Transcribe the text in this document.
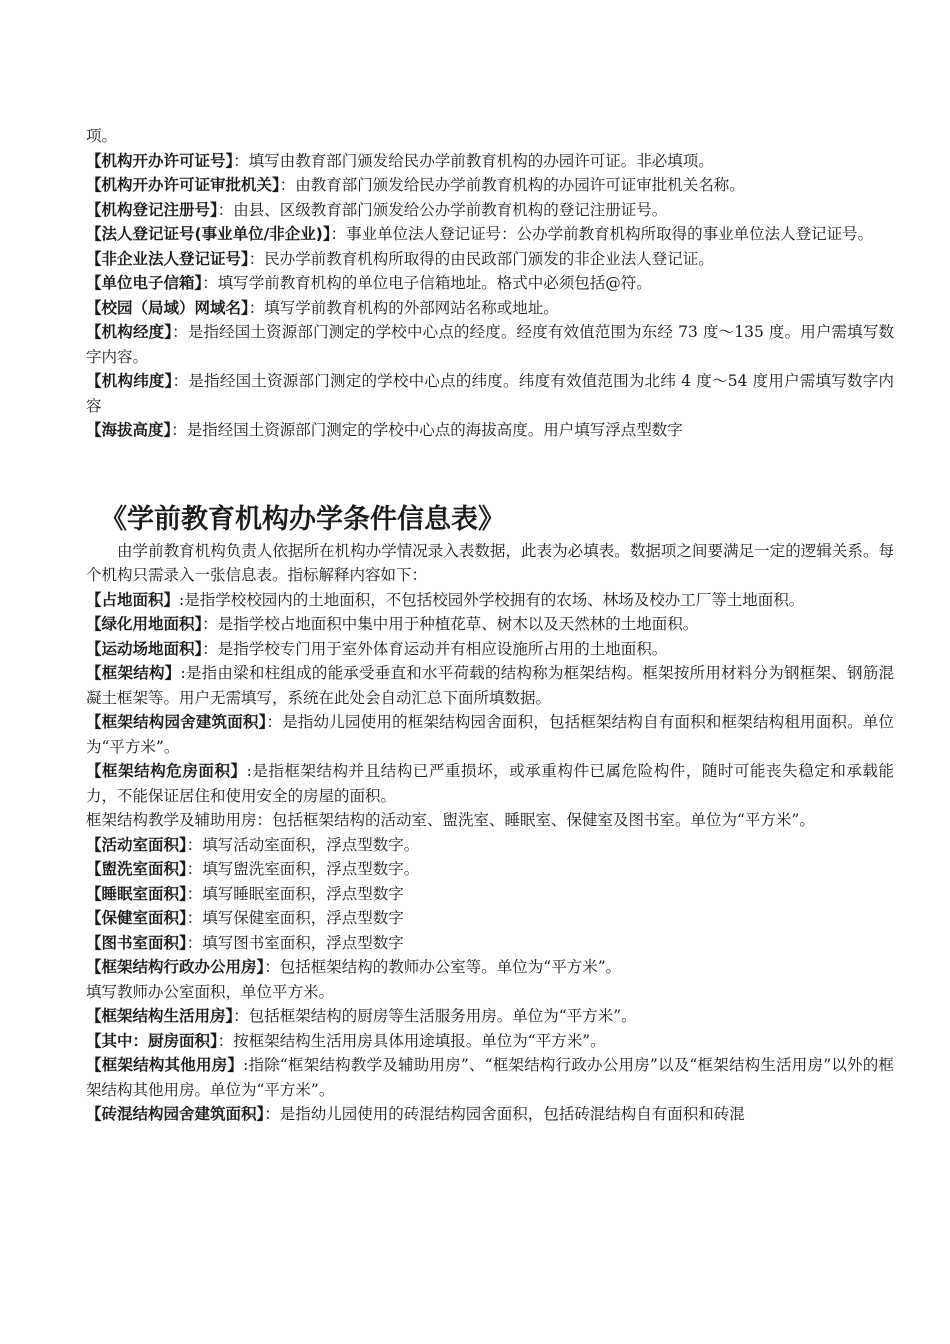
项。

【机构开办许可证号】：填写由教育部门颁发给民办学前教育机构的办园许可证。非必填项。

【机构开办许可证审批机关】：由教育部门颁发给民办学前教育机构的办园许可证审批机关名称。

【机构登记注册号】：由县、区级教育部门颁发给公办学前教育机构的登记注册证号。

【法人登记证号(事业单位/非企业)】：事业单位法人登记证号：公办学前教育机构所取得的事业单位法人登记证号。

【非企业法人登记证号】：民办学前教育机构所取得的由民政部门颁发的非企业法人登记证。

【单位电子信箱】：填写学前教育机构的单位电子信箱地址。格式中必须包括@符。

【校园（局域）网域名】：填写学前教育机构的外部网站名称或地址。

【机构经度】：是指经国土资源部门测定的学校中心点的经度。经度有效值范围为东经 73 度～135 度。用户需填写数字内容。

【机构纬度】：是指经国土资源部门测定的学校中心点的纬度。纬度有效值范围为北纬 4 度～54 度用户需填写数字内容

【海拔高度】：是指经国土资源部门测定的学校中心点的海拔高度。用户填写浮点型数字

《学前教育机构办学条件信息表》

由学前教育机构负责人依据所在机构办学情况录入表数据，此表为必填表。数据项之间要满足一定的逻辑关系。每个机构只需录入一张信息表。指标解释内容如下：

【占地面积】:是指学校校园内的土地面积，不包括校园外学校拥有的农场、林场及校办工厂等土地面积。

【绿化用地面积】：是指学校占地面积中集中用于种植花草、树木以及天然林的土地面积。

【运动场地面积】：是指学校专门用于室外体育运动并有相应设施所占用的土地面积。

【框架结构】:是指由梁和柱组成的能承受垂直和水平荷载的结构称为框架结构。框架按所用材料分为钢框架、钢筋混凝土框架等。用户无需填写，系统在此处会自动汇总下面所填数据。

【框架结构园舍建筑面积】：是指幼儿园使用的框架结构园舍面积，包括框架结构自有面积和框架结构租用面积。单位为“平方米”。

【框架结构危房面积】:是指框架结构并且结构已严重损坏，或承重构件已属危险构件，随时可能丧失稳定和承载能力，不能保证居住和使用安全的房屋的面积。

框架结构教学及辅助用房：包括框架结构的活动室、盥洗室、睡眠室、保健室及图书室。单位为“平方米”。

【活动室面积】：填写活动室面积，浮点型数字。

【盥洗室面积】：填写盥洗室面积，浮点型数字。

【睡眠室面积】：填写睡眠室面积，浮点型数字

【保健室面积】：填写保健室面积，浮点型数字

【图书室面积】：填写图书室面积，浮点型数字

【框架结构行政办公用房】：包括框架结构的教师办公室等。单位为“平方米”。

填写教师办公室面积，单位平方米。

【框架结构生活用房】：包括框架结构的厨房等生活服务用房。单位为“平方米”。

【其中：厨房面积】：按框架结构生活用房具体用途填报。单位为“平方米”。

【框架结构其他用房】:指除“框架结构教学及辅助用房”、“框架结构行政办公用房”以及“框架结构生活用房”以外的框架结构其他用房。单位为“平方米”。

【砖混结构园舍建筑面积】：是指幼儿园使用的砖混结构园舍面积，包括砖混结构自有面积和砖混
